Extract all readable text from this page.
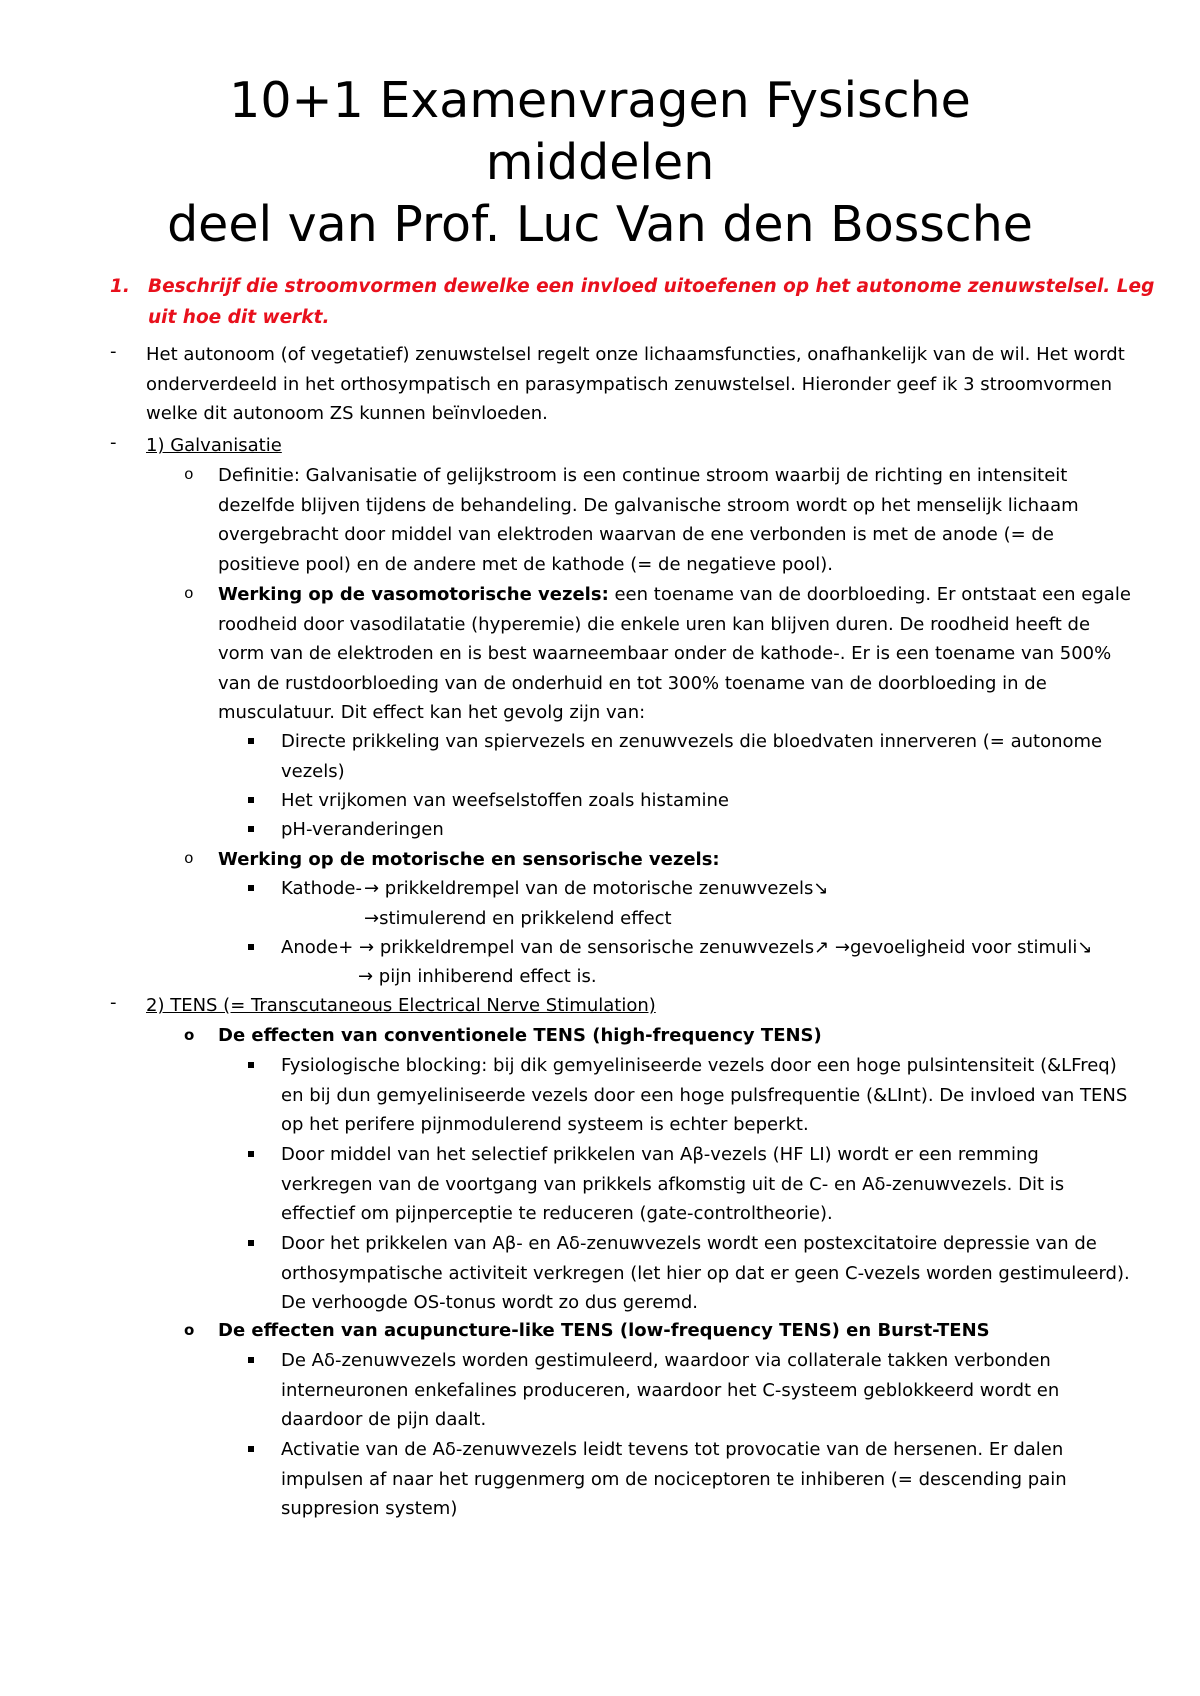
10+1 Examenvragen Fysische
middelen
deel van Prof. Luc Van den Bossche
1. Beschrijf die stroomvormen dewelke een invloed uitoefenen op het autonome zenuwstelsel. Leg
uit hoe dit werkt.
- Het autonoom (of vegetatief) zenuwstelsel regelt onze lichaamsfuncties, onafhankelijk van de wil. Het wordt
onderverdeeld in het orthosympatisch en parasympatisch zenuwstelsel. Hieronder geef ik 3 stroomvormen
welke dit autonoom ZS kunnen beïnvloeden.
- 1) Galvanisatie
o Definitie: Galvanisatie of gelijkstroom is een continue stroom waarbij de richting en intensiteit
dezelfde blijven tijdens de behandeling. De galvanische stroom wordt op het menselijk lichaam
overgebracht door middel van elektroden waarvan de ene verbonden is met de anode (= de
positieve pool) en de andere met de kathode (= de negatieve pool).
o Werking op de vasomotorische vezels: een toename van de doorbloeding. Er ontstaat een egale
roodheid door vasodilatatie (hyperemie) die enkele uren kan blijven duren. De roodheid heeft de
vorm van de elektroden en is best waarneembaar onder de kathode-. Er is een toename van 500%
van de rustdoorbloeding van de onderhuid en tot 300% toename van de doorbloeding in de
musculatuur. Dit effect kan het gevolg zijn van:
Directe prikkeling van spiervezels en zenuwvezels die bloedvaten innerveren (= autonome
vezels)
Het vrijkomen van weefselstoffen zoals histamine
pH-veranderingen
o Werking op de motorische en sensorische vezels:
Kathode- → prikkeldrempel van de motorische zenuwvezels↘
→stimulerend en prikkelend effect
Anode+ → prikkeldrempel van de sensorische zenuwvezels↗ →gevoeligheid voor stimuli↘
→ pijn inhiberend effect is.
- 2) TENS (= Transcutaneous Electrical Nerve Stimulation)
o De effecten van conventionele TENS (high-frequency TENS)
Fysiologische blocking: bij dik gemyeliniseerde vezels door een hoge pulsintensiteit (&LFreq)
en bij dun gemyeliniseerde vezels door een hoge pulsfrequentie (&LInt). De invloed van TENS
op het perifere pijnmodulerend systeem is echter beperkt.
Door middel van het selectief prikkelen van Aβ-vezels (HF LI) wordt er een remming
verkregen van de voortgang van prikkels afkomstig uit de C- en Aδ-zenuwvezels. Dit is
effectief om pijnperceptie te reduceren (gate-controltheorie).
Door het prikkelen van Aβ- en Aδ-zenuwvezels wordt een postexcitatoire depressie van de
orthosympatische activiteit verkregen (let hier op dat er geen C-vezels worden gestimuleerd).
De verhoogde OS-tonus wordt zo dus geremd.
o De effecten van acupuncture-like TENS (low-frequency TENS) en Burst-TENS
De Aδ-zenuwvezels worden gestimuleerd, waardoor via collaterale takken verbonden
interneuronen enkefalines produceren, waardoor het C-systeem geblokkeerd wordt en
daardoor de pijn daalt.
Activatie van de Aδ-zenuwvezels leidt tevens tot provocatie van de hersenen. Er dalen
impulsen af naar het ruggenmerg om de nociceptoren te inhiberen (= descending pain
suppresion system)
